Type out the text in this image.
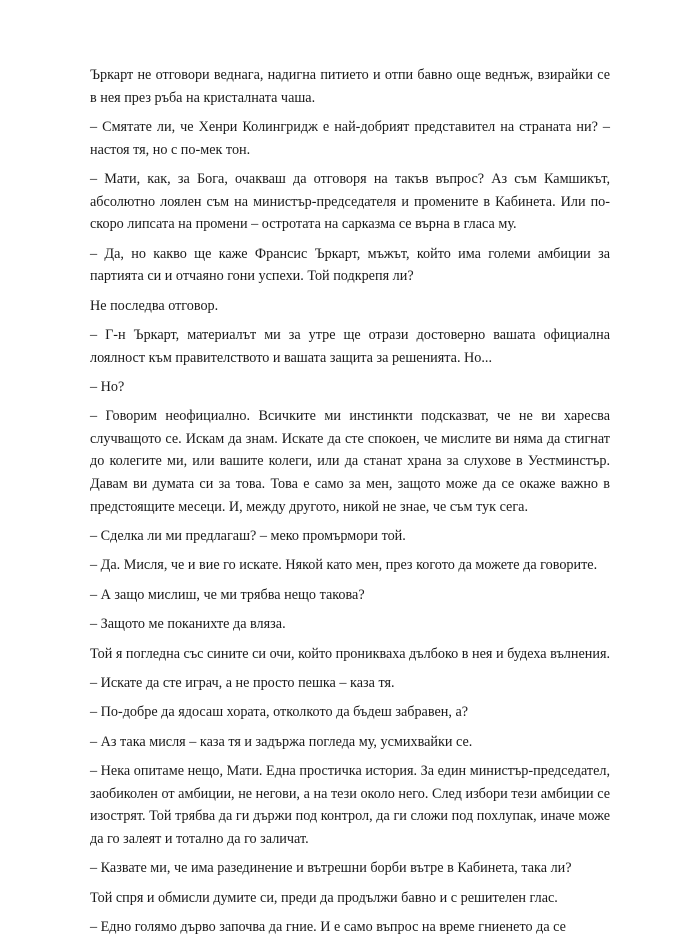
Ъркарт не отговори веднага, надигна питието и отпи бавно още веднъж, взирайки се в нея през ръба на кристалната чаша.

– Смятате ли, че Хенри Колингридж е най-добрият представител на страната ни? – настоя тя, но с по-мек тон.

– Мати, как, за Бога, очакваш да отговоря на такъв въпрос? Аз съм Камшикът, абсолютно лоялен съм на министър-председателя и промените в Кабинета. Или по-скоро липсата на промени – остротата на сарказма се върна в гласа му.

– Да, но какво ще каже Франсис Ъркарт, мъжът, който има големи амбиции за партията си и отчаяно гони успехи. Той подкрепя ли?

Не последва отговор.

– Г-н Ъркарт, материалът ми за утре ще отрази достоверно вашата официална лоялност към правителството и вашата защита за решенията. Но...

– Но?

– Говорим неофициално. Всичките ми инстинкти подсказват, че не ви харесва случващото се. Искам да знам. Искате да сте спокоен, че мислите ви няма да стигнат до колегите ми, или вашите колеги, или да станат храна за слухове в Уестминстър. Давам ви думата си за това. Това е само за мен, защото може да се окаже важно в предстоящите месеци. И, между другото, никой не знае, че съм тук сега.

– Сделка ли ми предлагаш? – меко промърмори той.

– Да. Мисля, че и вие го искате. Някой като мен, през когото да можете да говорите.

– А защо мислиш, че ми трябва нещо такова?

– Защото ме поканихте да вляза.

Той я погледна със сините си очи, който проникваха дълбоко в нея и будеха вълнения.

– Искате да сте играч, а не просто пешка – каза тя.

– По-добре да ядосаш хората, отколкото да бъдеш забравен, а?

– Аз така мисля – каза тя и задържа погледа му, усмихвайки се.

– Нека опитаме нещо, Мати. Една простичка история. За един министър-председател, заобиколен от амбиции, не негови, а на тези около него. След избори тези амбиции се изострят. Той трябва да ги държи под контрол, да ги сложи под похлупак, иначе може да го залеят и тотално да го заличат.

– Казвате ми, че има разединение и вътрешни борби вътре в Кабинета, така ли?

Той спря и обмисли думите си, преди да продължи бавно и с решителен глас.

– Едно голямо дърво започва да гние. И е само въпрос на време гниенето да се
